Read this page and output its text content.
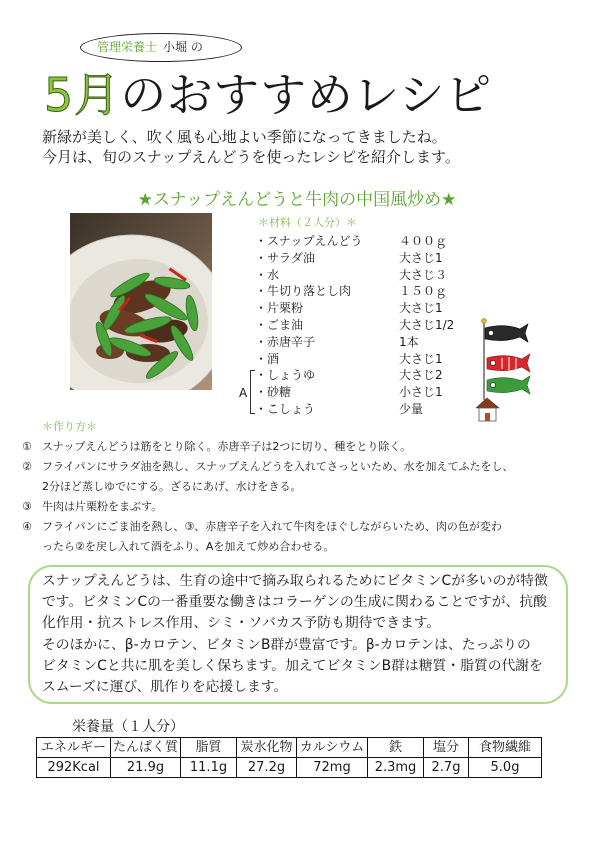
管理栄養士 小堀 の
5月のおすすめレシピ
新緑が美しく、吹く風も心地よい季節になってきましたね。
今月は、旬のスナップえんどうを使ったレシピを紹介します。
★スナップえんどうと牛肉の中国風炒め★
＊材料（２人分）＊
・スナップえんどう	４００ｇ
・サラダ油	大さじ1
・水	大さじ３
・牛切り落とし肉	１５０ｇ
・片栗粉	大さじ1
・ごま油	大さじ1/2
・赤唐辛子	1本
・酒	大さじ1
・しょうゆ	大さじ2
・砂糖	小さじ1
・こしょう	少量
A
＊作り方＊
① スナップえんどうは筋をとり除く。赤唐辛子は2つに切り、種をとり除く。
② フライパンにサラダ油を熱し、スナップえんどうを入れてさっといため、水を加えてふたをし、
2分ほど蒸しゆでにする。ざるにあげ、水けをきる。
③ 牛肉は片栗粉をまぶす。
④ フライパンにごま油を熱し、③、赤唐辛子を入れて牛肉をほぐしながらいため、肉の色が変わ
ったら②を戻し入れて酒をふり、Aを加えて炒め合わせる。
スナップえんどうは、生育の途中で摘み取られるためにビタミンCが多いのが特徴
です。ビタミンCの一番重要な働きはコラーゲンの生成に関わることですが、抗酸
化作用・抗ストレス作用、シミ・ソバカス予防も期待できます。
そのほかに、β-カロテン、ビタミンB群が豊富です。β-カロテンは、たっぷりの
ビタミンCと共に肌を美しく保ちます。加えてビタミンB群は糖質・脂質の代謝を
スムーズに運び、肌作りを応援します。
栄養量（１人分）
エネルギー	たんぱく質	脂質	炭水化物	カルシウム	鉄	塩分	食物繊維
292Kcal	21.9g	11.1g	27.2g	72mg	2.3mg	2.7g	5.0g
